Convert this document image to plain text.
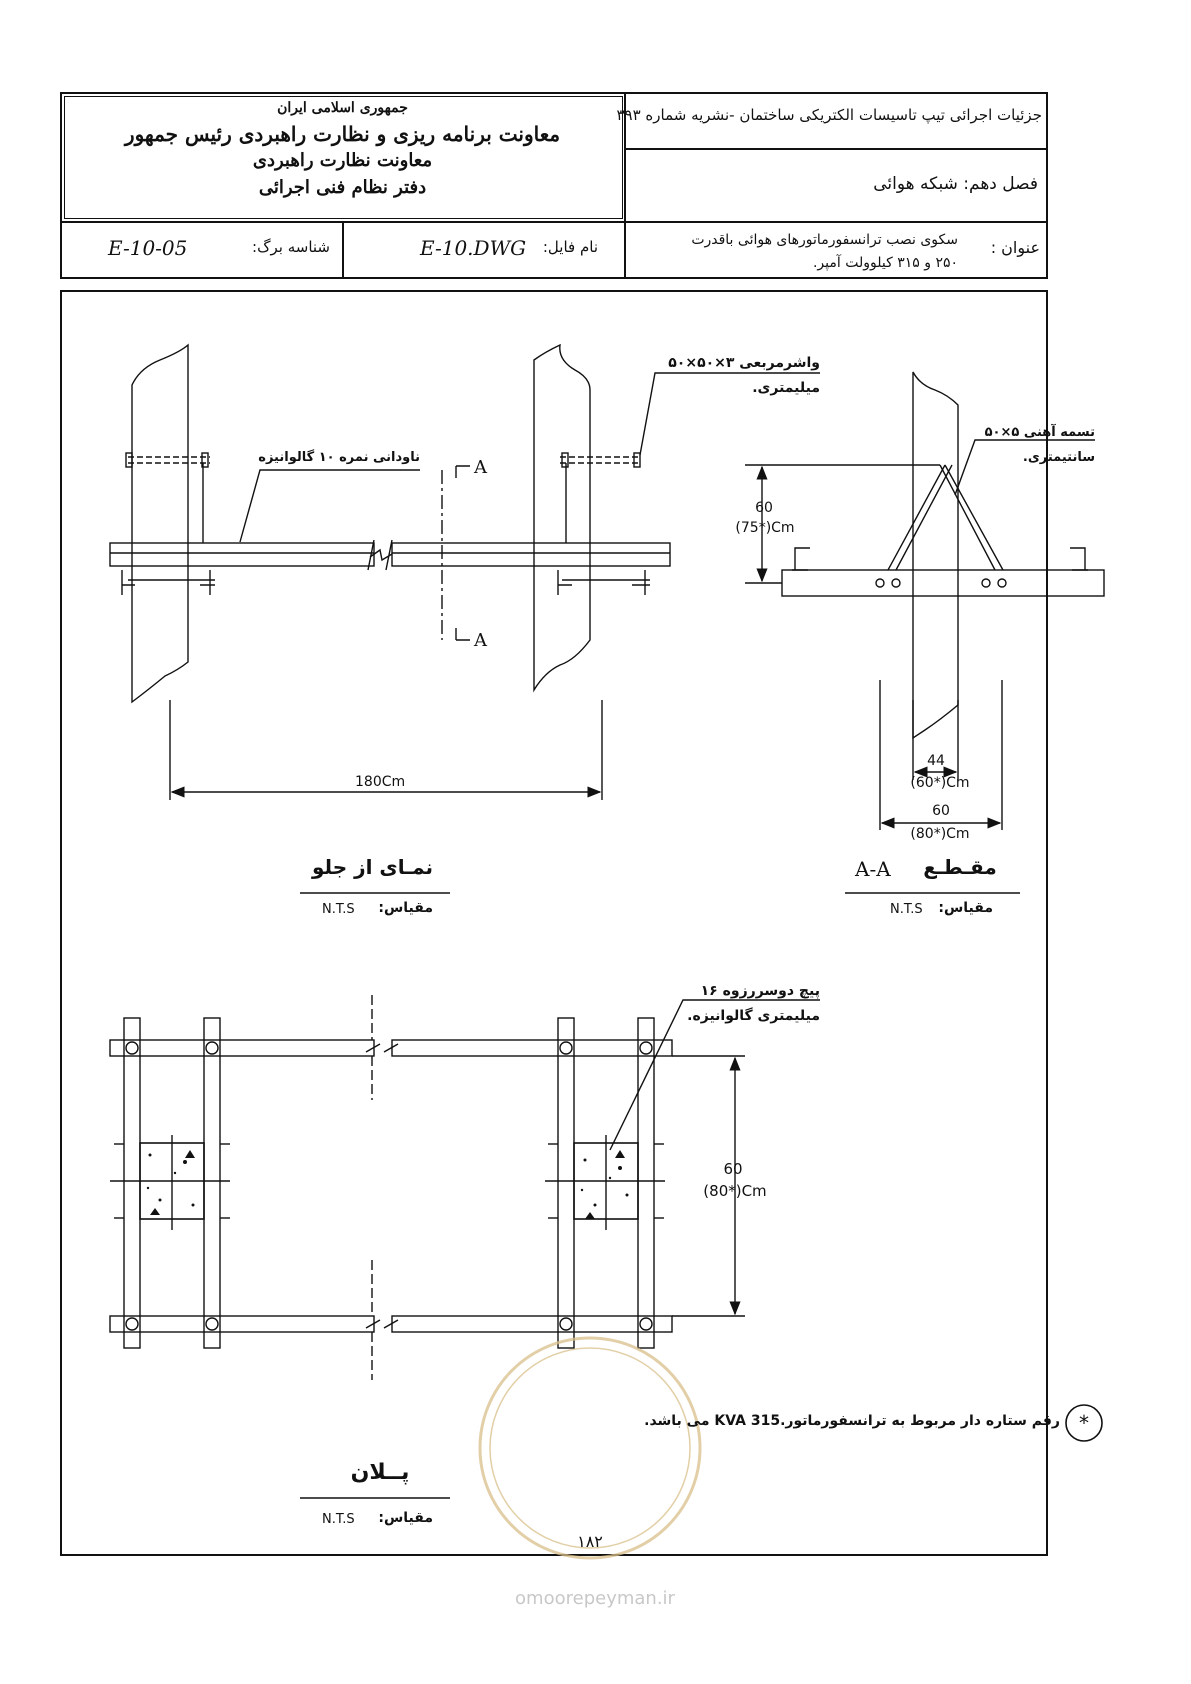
جمهوری اسلامی ایران
معاونت برنامه ریزی و نظارت راهبردی رئیس جمهور
معاونت نظارت راهبردی
دفتر نظام فنی اجرائی
جزئیات اجرائی تیپ تاسیسات الکتریکی ساختمان -نشریه شماره ۳۹۳
فصل دهم: شبکه هوائی
E-10-05	شناسه برگ:	E-10.DWG	نام فایل:	عنوان :
سکوی نصب ترانسفورماتورهای هوائی باقدرت
۲۵۰ و ۳۱۵ کیلوولت آمپر.
واشرمربعی ۳×۵۰×۵۰
میلیمتری.
ناودانی نمره ۱۰ گالوانیزه	A
A
180Cm
نمـای از جلو
مقیاس:
N.T.S
تسمه آهنی ۵×۵۰
سانتیمتری.
60
(75*)Cm
44
(60*)Cm
60
(80*)Cm
مقـطـع
A-A
مقیاس:
N.T.S
پیچ دوسررزوه ۱۶
میلیمتری گالوانیزه.
60
(80*)Cm
پــلان
مقیاس:
N.T.S
*
رقم ستاره دار مربوط به ترانسفورماتور.315 KVA می باشد.
۱۸۲
omoorepeyman.ir
